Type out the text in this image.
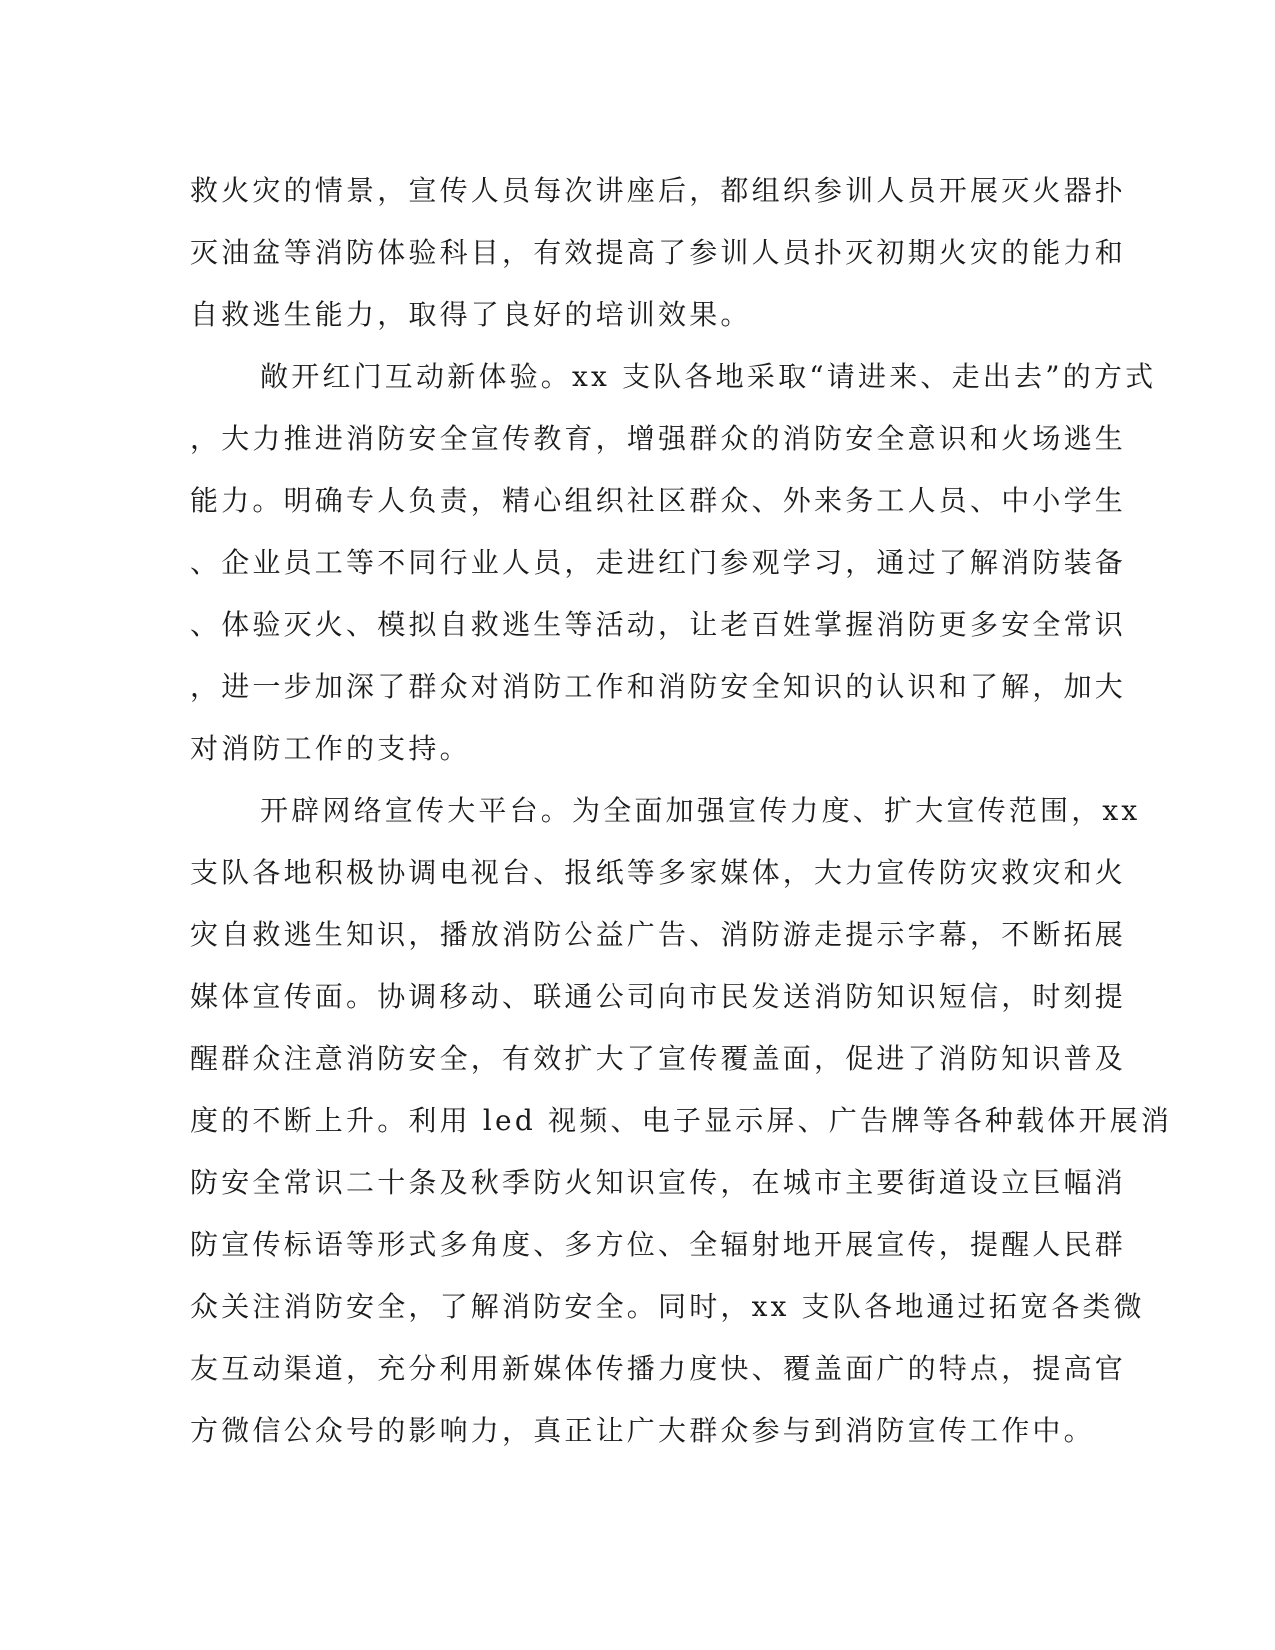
救火灾的情景，宣传人员每次讲座后，都组织参训人员开展灭火器扑
灭油盆等消防体验科目，有效提高了参训人员扑灭初期火灾的能力和
自救逃生能力，取得了良好的培训效果。
敞开红门互动新体验。xx 支队各地采取“请进来、走出去”的方式
，大力推进消防安全宣传教育，增强群众的消防安全意识和火场逃生
能力。明确专人负责，精心组织社区群众、外来务工人员、中小学生
、企业员工等不同行业人员，走进红门参观学习，通过了解消防装备
、体验灭火、模拟自救逃生等活动，让老百姓掌握消防更多安全常识
，进一步加深了群众对消防工作和消防安全知识的认识和了解，加大
对消防工作的支持。
开辟网络宣传大平台。为全面加强宣传力度、扩大宣传范围，xx
支队各地积极协调电视台、报纸等多家媒体，大力宣传防灾救灾和火
灾自救逃生知识，播放消防公益广告、消防游走提示字幕，不断拓展
媒体宣传面。协调移动、联通公司向市民发送消防知识短信，时刻提
醒群众注意消防安全，有效扩大了宣传覆盖面，促进了消防知识普及
度的不断上升。利用 led 视频、电子显示屏、广告牌等各种载体开展消
防安全常识二十条及秋季防火知识宣传，在城市主要街道设立巨幅消
防宣传标语等形式多角度、多方位、全辐射地开展宣传，提醒人民群
众关注消防安全，了解消防安全。同时，xx 支队各地通过拓宽各类微
友互动渠道，充分利用新媒体传播力度快、覆盖面广的特点，提高官
方微信公众号的影响力，真正让广大群众参与到消防宣传工作中。
